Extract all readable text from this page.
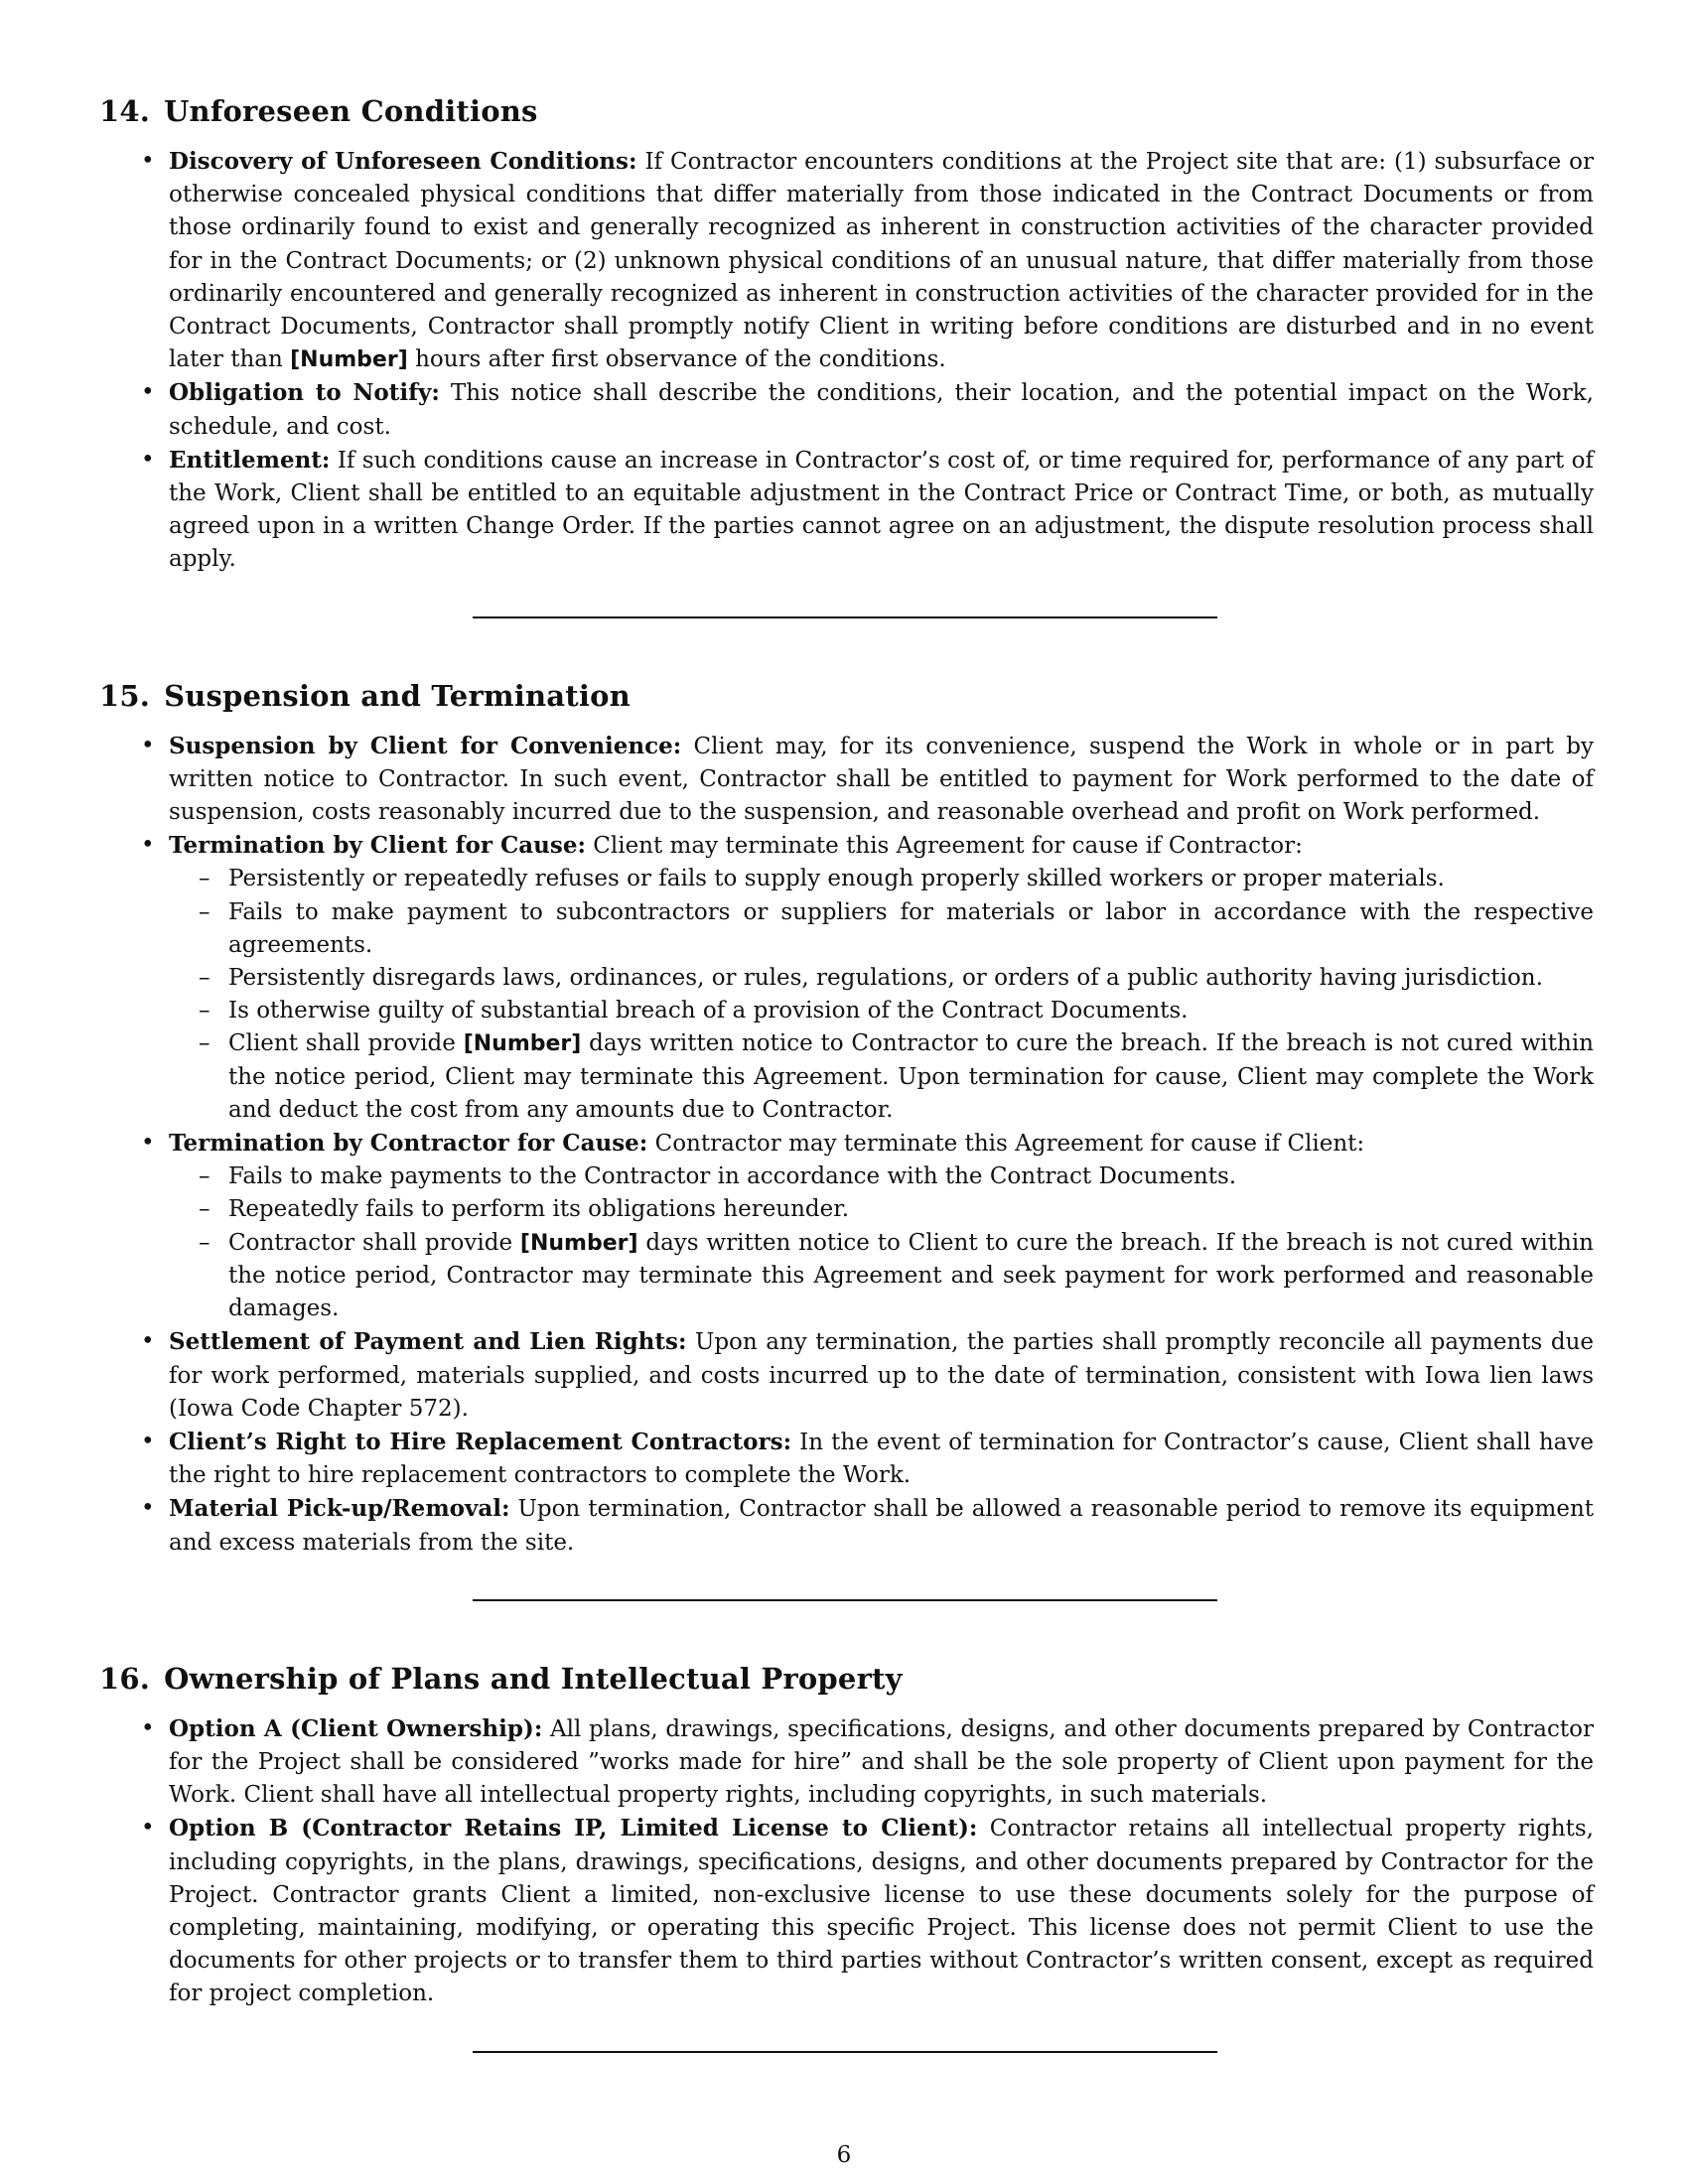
14. Unforeseen Conditions
• Discovery of Unforeseen Conditions: If Contractor encounters conditions at the Project site that are: (1) subsurface or otherwise concealed physical conditions that differ materially from those indicated in the Contract Documents or from those ordinarily found to exist and generally recognized as inherent in construction activities of the character provided for in the Contract Documents; or (2) unknown physical conditions of an unusual nature, that differ materially from those ordinarily encountered and generally recognized as inherent in construction activities of the character provided for in the Contract Documents, Contractor shall promptly notify Client in writing before conditions are disturbed and in no event later than [Number] hours after first observance of the conditions.
• Obligation to Notify: This notice shall describe the conditions, their location, and the potential impact on the Work, schedule, and cost.
• Entitlement: If such conditions cause an increase in Contractor’s cost of, or time required for, performance of any part of the Work, Client shall be entitled to an equitable adjustment in the Contract Price or Contract Time, or both, as mutually agreed upon in a written Change Order. If the parties cannot agree on an adjustment, the dispute resolution process shall apply.
15. Suspension and Termination
• Suspension by Client for Convenience: Client may, for its convenience, suspend the Work in whole or in part by written notice to Contractor. In such event, Contractor shall be entitled to payment for Work performed to the date of suspension, costs reasonably incurred due to the suspension, and reasonable overhead and profit on Work performed.
• Termination by Client for Cause: Client may terminate this Agreement for cause if Contractor:
– Persistently or repeatedly refuses or fails to supply enough properly skilled workers or proper materials.
– Fails to make payment to subcontractors or suppliers for materials or labor in accordance with the respective agreements.
– Persistently disregards laws, ordinances, or rules, regulations, or orders of a public authority having jurisdiction.
– Is otherwise guilty of substantial breach of a provision of the Contract Documents.
– Client shall provide [Number] days written notice to Contractor to cure the breach. If the breach is not cured within the notice period, Client may terminate this Agreement. Upon termination for cause, Client may complete the Work and deduct the cost from any amounts due to Contractor.
• Termination by Contractor for Cause: Contractor may terminate this Agreement for cause if Client:
– Fails to make payments to the Contractor in accordance with the Contract Documents.
– Repeatedly fails to perform its obligations hereunder.
– Contractor shall provide [Number] days written notice to Client to cure the breach. If the breach is not cured within the notice period, Contractor may terminate this Agreement and seek payment for work performed and reasonable damages.
• Settlement of Payment and Lien Rights: Upon any termination, the parties shall promptly reconcile all payments due for work performed, materials supplied, and costs incurred up to the date of termination, consistent with Iowa lien laws (Iowa Code Chapter 572).
• Client’s Right to Hire Replacement Contractors: In the event of termination for Contractor’s cause, Client shall have the right to hire replacement contractors to complete the Work.
• Material Pick-up/Removal: Upon termination, Contractor shall be allowed a reasonable period to remove its equipment and excess materials from the site.
16. Ownership of Plans and Intellectual Property
• Option A (Client Ownership): All plans, drawings, specifications, designs, and other documents prepared by Contractor for the Project shall be considered ”works made for hire” and shall be the sole property of Client upon payment for the Work. Client shall have all intellectual property rights, including copyrights, in such materials.
• Option B (Contractor Retains IP, Limited License to Client): Contractor retains all intellectual property rights, including copyrights, in the plans, drawings, specifications, designs, and other documents prepared by Contractor for the Project. Contractor grants Client a limited, non-exclusive license to use these documents solely for the purpose of completing, maintaining, modifying, or operating this specific Project. This license does not permit Client to use the documents for other projects or to transfer them to third parties without Contractor’s written consent, except as required for project completion.
6
